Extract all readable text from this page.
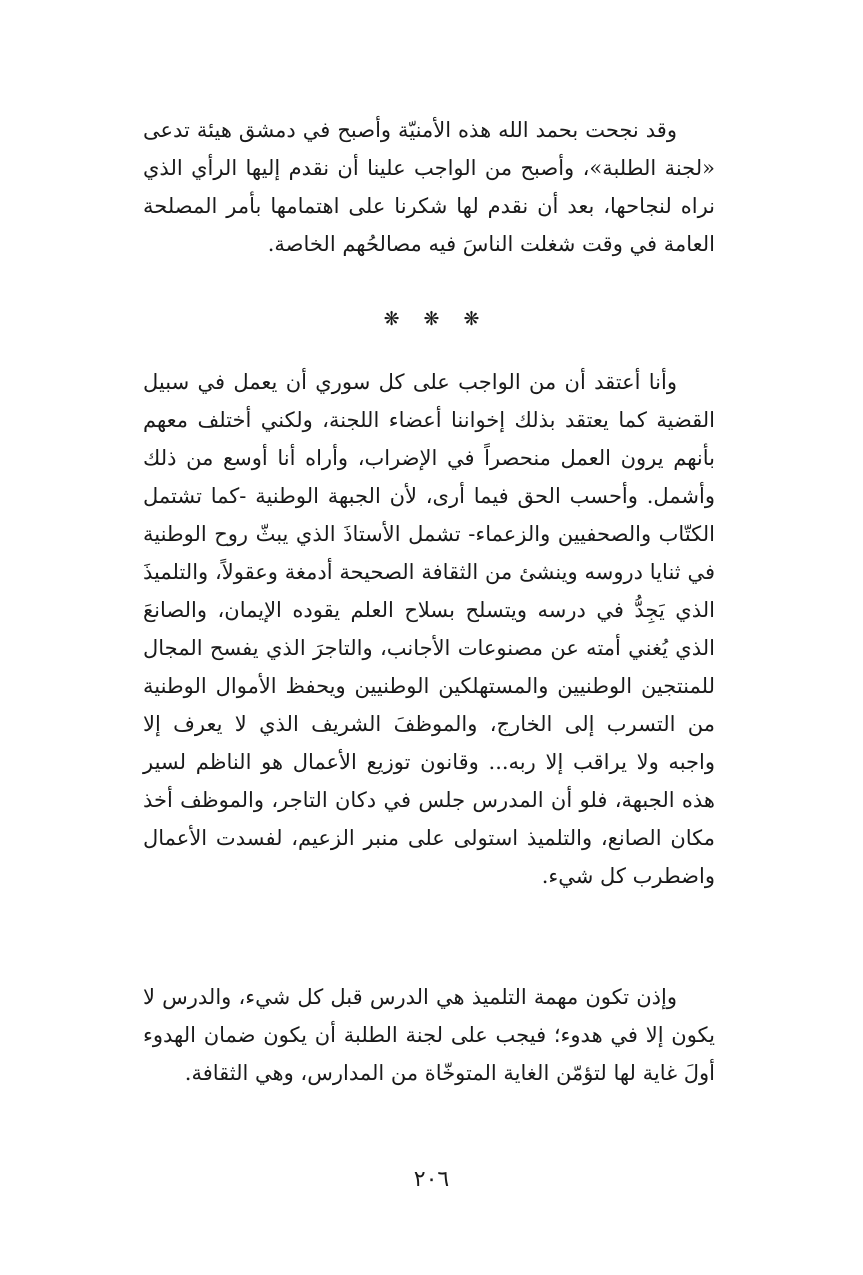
وقد نجحت بحمد الله هذه الأمنيّة وأصبح في دمشق هيئة تدعى «لجنة الطلبة»، وأصبح من الواجب علينا أن نقدم إليها الرأي الذي نراه لنجاحها، بعد أن نقدم لها شكرنا على اهتمامها بأمر المصلحة العامة في وقت شغلت الناسَ فيه مصالحُهم الخاصة.

❋ ❋ ❋

وأنا أعتقد أن من الواجب على كل سوري أن يعمل في سبيل القضية كما يعتقد بذلك إخواننا أعضاء اللجنة، ولكني أختلف معهم بأنهم يرون العمل منحصراً في الإضراب، وأراه أنا أوسع من ذلك وأشمل. وأحسب الحق فيما أرى، لأن الجبهة الوطنية -كما تشتمل الكتّاب والصحفيين والزعماء- تشمل الأستاذَ الذي يبثّ روح الوطنية في ثنايا دروسه وينشئ من الثقافة الصحيحة أدمغة وعقولاً، والتلميذَ الذي يَجِدُّ في درسه ويتسلح بسلاح العلم يقوده الإيمان، والصانعَ الذي يُغني أمته عن مصنوعات الأجانب، والتاجرَ الذي يفسح المجال للمنتجين الوطنيين والمستهلكين الوطنيين ويحفظ الأموال الوطنية من التسرب إلى الخارج، والموظفَ الشريف الذي لا يعرف إلا واجبه ولا يراقب إلا ربه... وقانون توزيع الأعمال هو الناظم لسير هذه الجبهة، فلو أن المدرس جلس في دكان التاجر، والموظف أخذ مكان الصانع، والتلميذ استولى على منبر الزعيم، لفسدت الأعمال واضطرب كل شيء.

وإذن تكون مهمة التلميذ هي الدرس قبل كل شيء، والدرس لا يكون إلا في هدوء؛ فيجب على لجنة الطلبة أن يكون ضمان الهدوء أولَ غاية لها لتؤمّن الغاية المتوخّاة من المدارس، وهي الثقافة.

٢٠٦
